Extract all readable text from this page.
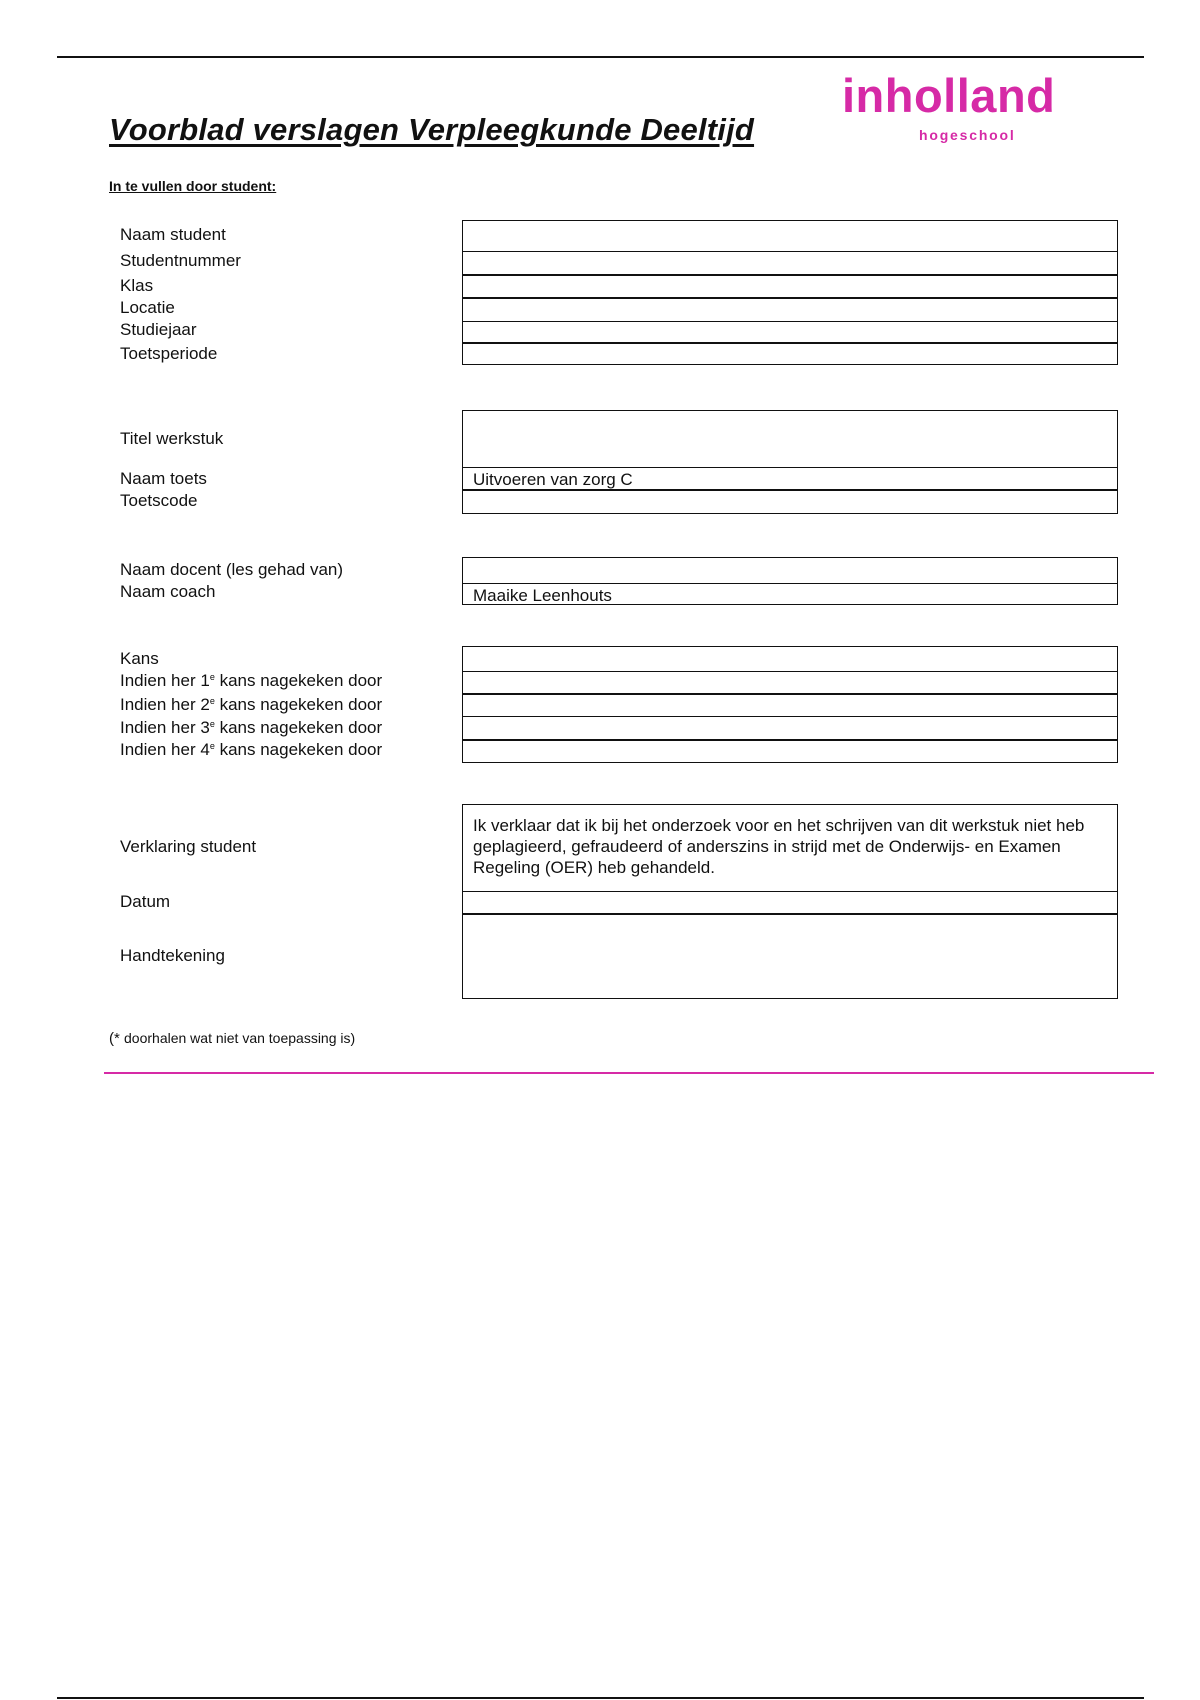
Voorblad verslagen Verpleegkunde Deeltijd
inholland
hogeschool
In te vullen door student:
Naam student
Studentnummer
Klas
Locatie
Studiejaar
Toetsperiode
Titel werkstuk
Naam toets
Toetscode
Uitvoeren van zorg C
Naam docent (les gehad van)
Naam coach	Maaike Leenhouts
Kans
Indien her 1e kans nagekeken door
Indien her 2e kans nagekeken door
Indien her 3e kans nagekeken door
Indien her 4e kans nagekeken door
Verklaring student
Datum
Handtekening
Ik verklaar dat ik bij het onderzoek voor en het schrijven van dit werkstuk niet heb geplagieerd, gefraudeerd of anderszins in strijd met de Onderwijs- en Examen Regeling (OER) heb gehandeld.
(* doorhalen wat niet van toepassing is)
